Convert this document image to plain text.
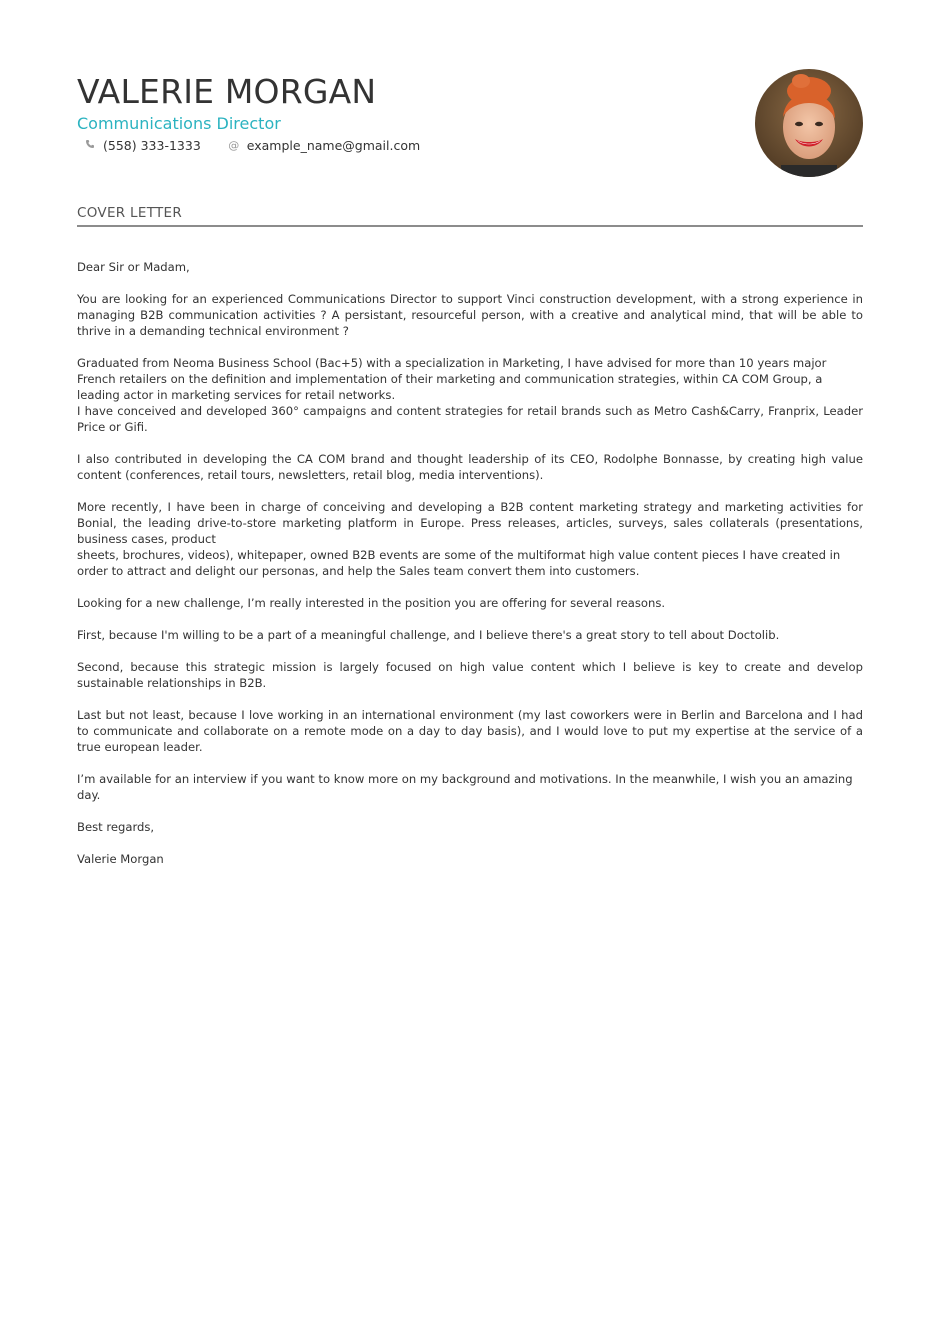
VALERIE MORGAN
Communications Director
(558) 333-1333	@ example_name@gmail.com
COVER LETTER

Dear Sir or Madam,

You are looking for an experienced Communications Director to support Vinci construction development, with a strong experience in managing B2B communication activities ? A persistant, resourceful person, with a creative and analytical mind, that will be able to thrive in a demanding technical environment ?

Graduated from Neoma Business School (Bac+5) with a specialization in Marketing, I have advised for more than 10 years major French retailers on the definition and implementation of their marketing and communication strategies, within CA COM Group, a leading actor in marketing services for retail networks.

I have conceived and developed 360° campaigns and content strategies for retail brands such as Metro Cash&Carry, Franprix, Leader Price or Gifi.

I also contributed in developing the CA COM brand and thought leadership of its CEO, Rodolphe Bonnasse, by creating high value content (conferences, retail tours, newsletters, retail blog, media interventions).

More recently, I have been in charge of conceiving and developing a B2B content marketing strategy and marketing activities for Bonial, the leading drive-to-store marketing platform in Europe. Press releases, articles, surveys, sales collaterals (presentations, business cases, product

sheets, brochures, videos), whitepaper, owned B2B events are some of the multiformat high value content pieces I have created in order to attract and delight our personas, and help the Sales team convert them into customers.

Looking for a new challenge, I’m really interested in the position you are offering for several reasons.

First, because I'm willing to be a part of a meaningful challenge, and I believe there's a great story to tell about Doctolib.

Second, because this strategic mission is largely focused on high value content which I believe is key to create and develop sustainable relationships in B2B.

Last but not least, because I love working in an international environment (my last coworkers were in Berlin and Barcelona and I had to communicate and collaborate on a remote mode on a day to day basis), and I would love to put my expertise at the service of a true european leader.

I’m available for an interview if you want to know more on my background and motivations. In the meanwhile, I wish you an amazing day.

Best regards,

Valerie Morgan
